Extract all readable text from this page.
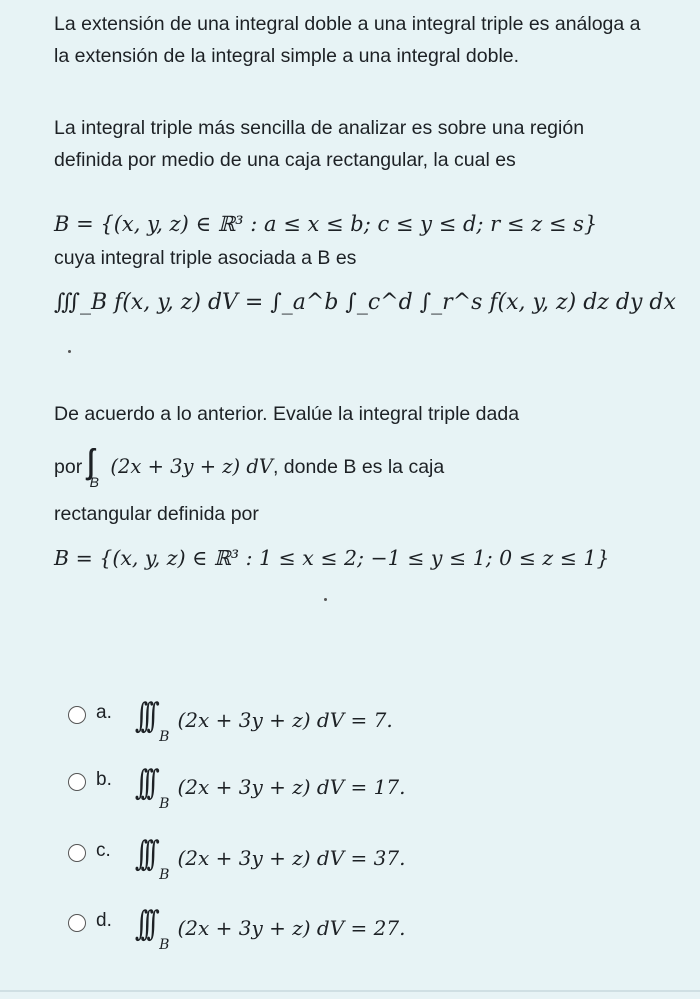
La extensión de una integral doble a una integral triple es análoga a la extensión de la integral simple a una integral doble.

La integral triple más sencilla de analizar es sobre una región definida por medio de una caja rectangular, la cual es

B = {(x, y, z) ∈ ℝ³ : a ≤ x ≤ b; c ≤ y ≤ d; r ≤ z ≤ s}

cuya integral triple asociada a B es

∭_B f(x, y, z) dV = ∫_a^b ∫_c^d ∫_r^s f(x, y, z) dz dy dx

De acuerdo a lo anterior. Evalúe la integral triple dada

por $_B$ (2x + 3y + z) dV, donde B es la caja

rectangular definida por

B = {(x, y, z) ∈ ℝ³ : 1 ≤ x ≤ 2; −1 ≤ y ≤ 1; 0 ≤ z ≤ 1}
a. $\int\int\int_B(2x + 3y + z)$ dV = 7.
b. $\int\int\int_B(2x + 3y + z)$ dV = 17.
c. $\int\int\int_B(2x + 3y + z)$ dV = 37.
d. $\int\int\int_B(2x + 3y + z)$ dV = 27.
